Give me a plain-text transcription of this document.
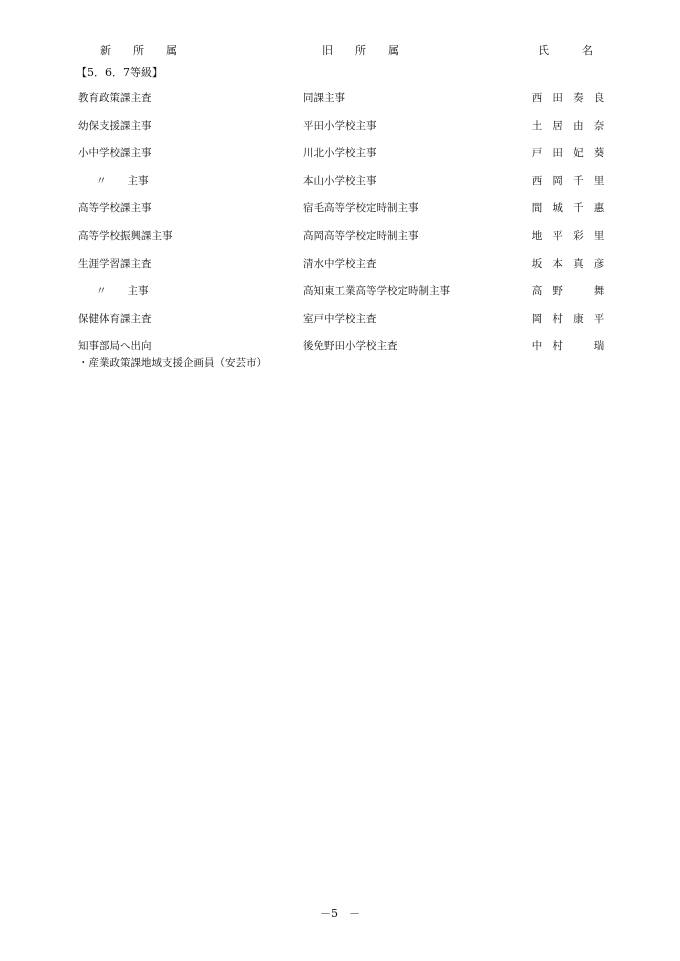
新　　所　　属	旧　　所　　属	氏　　　名
【5．6．7等級】
教育政策課主査	同課主事	西 田 奏 良
幼保支援課主事	平田小学校主事	土 居 由 奈
小中学校課主事	川北小学校主事	戸 田 妃 葵
〃　　主事	本山小学校主事	西 岡 千 里
高等学校課主事	宿毛高等学校定時制主事	間 城 千 惠
高等学校振興課主事	高岡高等学校定時制主事	地 平 彩 里
生涯学習課主査	清水中学校主査	坂 本 真 彦
〃　　主事	高知東工業高等学校定時制主事	高 野	舞
保健体育課主査	室戸中学校主査	岡 村 康 平
知事部局へ出向	後免野田小学校主査	中 村	瑞
・産業政策課地域支援企画員（安芸市）
－5　－
